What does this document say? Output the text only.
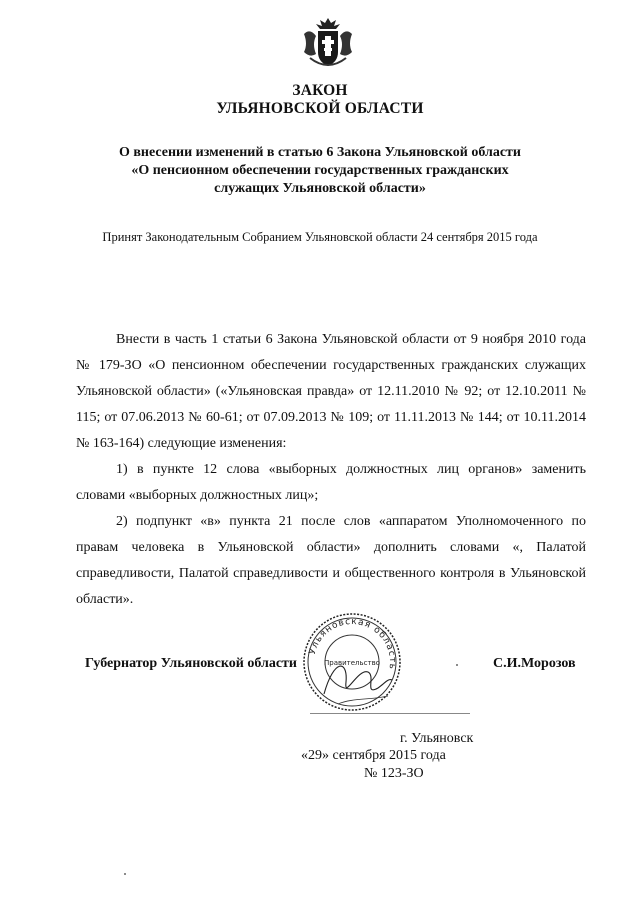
ЗАКОН
УЛЬЯНОВСКОЙ ОБЛАСТИ
О внесении изменений в статью 6 Закона Ульяновской области
«О пенсионном обеспечении государственных гражданских
служащих Ульяновской области»
Принят Законодательным Собранием Ульяновской области 24 сентября 2015 года

Внести в часть 1 статьи 6 Закона Ульяновской области от 9 ноября 2010 года № 179-ЗО «О пенсионном обеспечении государственных гражданских служащих Ульяновской области» («Ульяновская правда» от 12.11.2010 № 92; от 12.10.2011 № 115; от 07.06.2013 № 60-61; от 07.09.2013 № 109; от 11.11.2013 № 144; от 10.11.2014 № 163-164) следующие изменения:

1) в пункте 12 слова «выборных должностных лиц органов» заменить словами «выборных должностных лиц»;

2) подпункт «в» пункта 21 после слов «аппаратом Уполномоченного по правам человека в Ульяновской области» дополнить словами «, Палатой справедливости, Палатой справедливости и общественного контроля в Ульяновской области».

Губернатор Ульяновской области
Ульяновская область
Правительство	С.И.Морозов
г. Ульяновск
«29» сентября 2015 года
№ 123-ЗО
